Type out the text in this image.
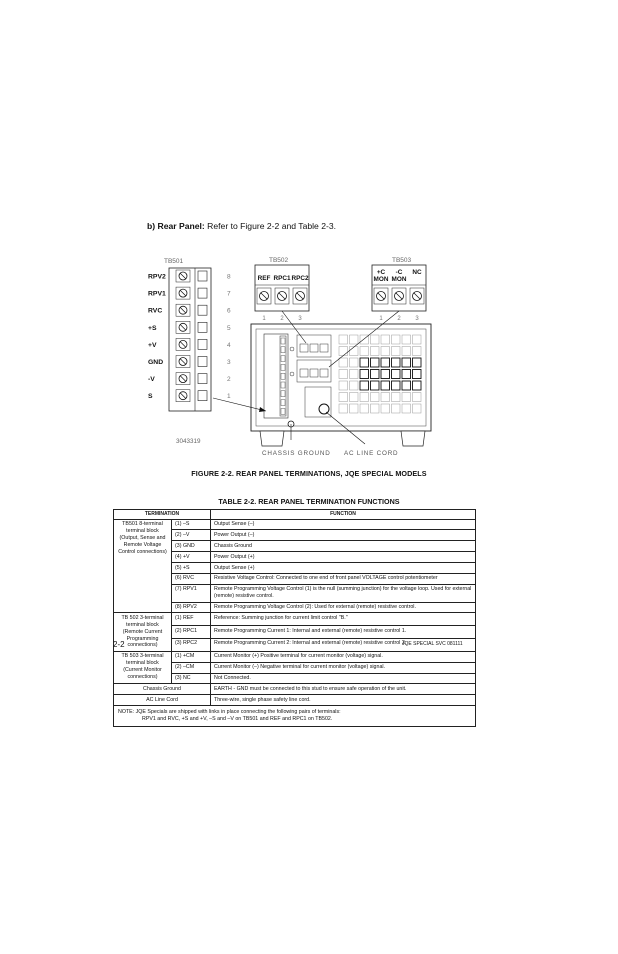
b) Rear Panel: Refer to Figure 2-2 and Table 2-3.
TB501
RPV2	8
RPV1	7
RVC	6
+S	5
+V	4
GND	3
-V	2
S	1
TB502
REF
1
RPC1
2
RPC2
3
TB503
+C
MON
1
-C
MON
2
NC
3
3043319
CHASSIS GROUND AC LINE CORD
FIGURE 2-2. REAR PANEL TERMINATIONS, JQE SPECIAL MODELS
TABLE 2-2. REAR PANEL TERMINATION FUNCTIONS
TERMINATION		FUNCTION
TB501 8-terminal terminal block (Output, Sense and Remote Voltage Control connections)	(1) –S	Output Sense (–)
	(2) –V	Power Output (–)
	(3) GND	Chassis Ground
	(4) +V	Power Output (+)
	(5) +S	Output Sense (+)
	(6) RVC	Resistive Voltage Control: Connected to one end of front panel VOLTAGE control potentiometer
	(7) RPV1	Remote Programming Voltage Control (1) is the null (summing junction) for the voltage loop. Used for external (remote) resistive control.
	(8) RPV2	Remote Programming Voltage Control (2): Used for external (remote) resistive control.
TB 502 3-terminal terminal block (Remote Current Programming connections)	(1) REF	Reference: Summing junction for current limit control "B."
	(2) RPC1	Remote Programming Current 1: Internal and external (remote) resistive control 1.
	(3) RPC2	Remote Programming Current 2: Internal and external (remote) resistive control 2.
TB 503 3-terminal terminal block (Current Monitor connections)	(1) +CM	Current Monitor (+) Positive terminal for current monitor (voltage) signal.
	(2) –CM	Current Monitor (–) Negative terminal for current monitor (voltage) signal.
	(3) NC	Not Connected.
Chassis Ground		EARTH - GND must be connected to this stud to ensure safe operation of the unit.
AC Line Cord		Three-wire, single phase safety line cord.

NOTE: JQE Specials are shipped with links in place connecting the following pairs of terminals:
RPV1 and RVC, +S and +V, –S and –V on TB501 and REF and RPC1 on TB502.		
2-2	JQE SPECIAL SVC 081111
